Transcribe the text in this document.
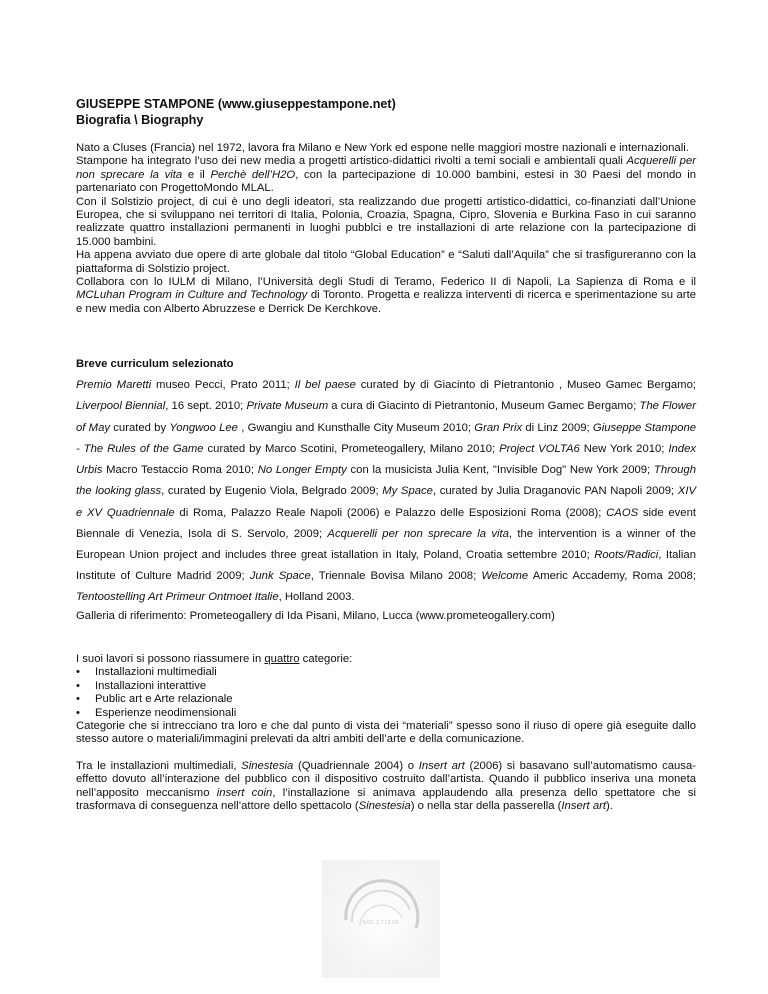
GIUSEPPE STAMPONE (www.giuseppestampone.net)

Biografia \ Biography

Nato a Cluses (Francia) nel 1972, lavora fra Milano e New York ed espone nelle maggiori mostre nazionali e internazionali.

Stampone ha integrato l’uso dei new media a progetti artistico-didattici rivolti a temi sociali e ambientali quali Acquerelli per non sprecare la vita e il Perchè dell’H2O, con la partecipazione di 10.000 bambini, estesi in 30 Paesi del mondo in partenariato con ProgettoMondo MLAL.

Con il Solstizio project, di cui è uno degli ideatori, sta realizzando due progetti artistico-didattici, co-finanziati dall’Unione Europea, che si sviluppano nei territori di Italia, Polonia, Croazia, Spagna, Cipro, Slovenia e Burkina Faso in cui saranno realizzate quattro installazioni permanenti in luoghi pubblci e tre installazioni di arte relazione con la partecipazione di 15.000 bambini.

Ha appena avviato due opere di arte globale dal titolo “Global Education” e “Saluti dall’Aquila” che si trasfigureranno con la piattaforma di Solstizio project.

Collabora con lo IULM di Milano, l’Università degli Studi di Teramo, Federico II di Napoli, La Sapienza di Roma e il MCLuhan Program in Culture and Technology di Toronto. Progetta e realizza interventi di ricerca e sperimentazione su arte e new media con Alberto Abruzzese e Derrick De Kerchkove.

Breve curriculum selezionato

Premio Maretti museo Pecci, Prato 2011; Il bel paese curated by di Giacinto di Pietrantonio , Museo Gamec Bergamo; Liverpool Biennial, 16 sept. 2010; Private Museum a cura di Giacinto di Pietrantonio, Museum Gamec Bergamo; The Flower of May curated by Yongwoo Lee , Gwangiu and Kunsthalle City Museum 2010; Gran Prix di Linz 2009; Giuseppe Stampone - The Rules of the Game curated by Marco Scotini, Prometeogallery, Milano 2010; Project VOLTA6 New York 2010; Index Urbis Macro Testaccio Roma 2010; No Longer Empty con la musicista Julia Kent, "Invisible Dog" New York 2009; Through the looking glass, curated by Eugenio Viola, Belgrado 2009; My Space, curated by Julia Draganovic PAN Napoli 2009; XIV e XV Quadriennale di Roma, Palazzo Reale Napoli (2006) e Palazzo delle Esposizioni Roma (2008); CAOS side event Biennale di Venezia, Isola di S. Servolo, 2009; Acquerelli per non sprecare la vita, the intervention is a winner of the European Union project and includes three great istallation in Italy, Poland, Croatia settembre 2010; Roots/Radici, Italian Institute of Culture Madrid 2009; Junk Space, Triennale Bovisa Milano 2008; Welcome Americ Accademy, Roma 2008; Tentoostelling Art Primeur Ontmoet Italie, Holland 2003.

Galleria di riferimento: Prometeogallery di Ida Pisani, Milano, Lucca (www.prometeogallery.com)

I suoi lavori si possono riassumere in quattro categorie:

• Installazioni multimediali
• Installazioni interattive
• Public art e Arte relazionale
• Esperienze neodimensionali

Categorie che si intrecciano tra loro e che dal punto di vista dei “materiali” spesso sono il riuso di opere già eseguite dallo stesso autore o materiali/immagini prelevati da altri ambiti dell’arte e della comunicazione.

Tra le installazioni multimediali, Sinestesia (Quadriennale 2004) o Insert art (2006) si basavano sull’automatismo causa-effetto dovuto all’interazione del pubblico con il dispositivo costruito dall’artista. Quando il pubblico inseriva una moneta nell’apposito meccanismo insert coin, l’installazione si animava applaudendo alla presenza dello spettatore che si trasformava di conseguenza nell’attore dello spettacolo (Sinestesia) o nella star della passerella (Insert art).

SOLSTIZIO
